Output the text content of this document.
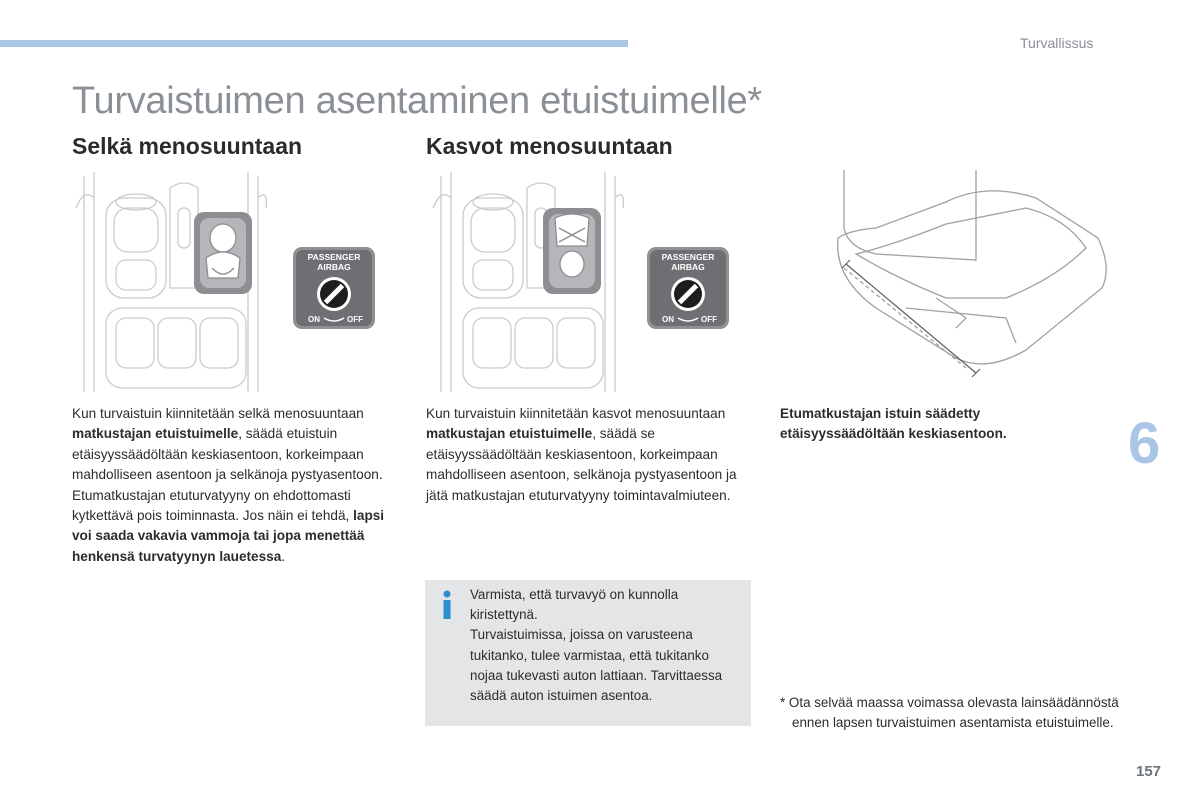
Turvallissus
Turvaistuimen asentaminen etuistuimelle*
Selkä menosuuntaan	Kasvot menosuuntaan
PASSENGER
AIRBAG
ON	OFF
PASSENGER
AIRBAG
ON	OFF
Kun turvaistuin kiinnitetään selkä menosuuntaan matkustajan etuistuimelle, säädä etuistuin etäisyyssäädöltään keskiasentoon, korkeimpaan mahdolliseen asentoon ja selkänoja pystyasentoon. Etumatkustajan etuturvatyyny on ehdottomasti kytkettävä pois toiminnasta. Jos näin ei tehdä, lapsi voi saada vakavia vammoja tai jopa menettää henkensä turvatyynyn lauetessa.
Kun turvaistuin kiinnitetään kasvot menosuuntaan matkustajan etuistuimelle, säädä se etäisyyssäädöltään keskiasentoon, korkeimpaan mahdolliseen asentoon, selkänoja pystyasentoon ja jätä matkustajan etuturvatyyny toimintavalmiuteen.
Etumatkustajan istuin säädetty etäisyyssäädöltään keskiasentoon.
Varmista, että turvavyö on kunnolla kiristettynä.
Turvaistuimissa, joissa on varusteena tukitanko, tulee varmistaa, että tukitanko nojaa tukevasti auton lattiaan. Tarvittaessa säädä auton istuimen asentoa.	* Ota selvää maassa voimassa olevasta lainsäädännöstä ennen lapsen turvaistuimen asentamista etuistuimelle.
6
157
